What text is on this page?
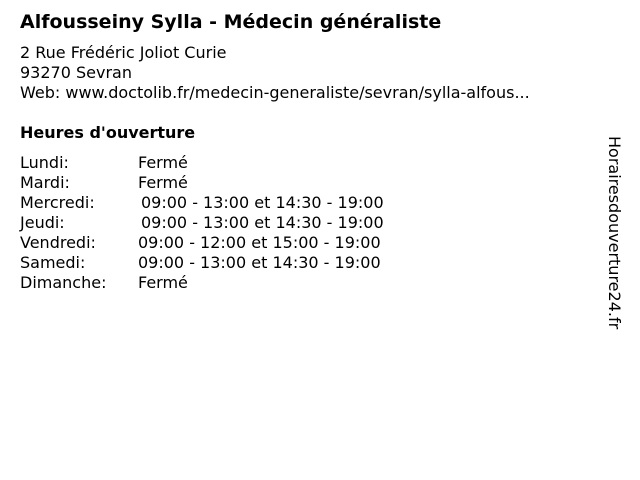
Alfousseiny Sylla - Médecin généraliste
2 Rue Frédéric Joliot Curie
93270 Sevran
Web: www.doctolib.fr/medecin-generaliste/sevran/sylla-alfous...
Heures d'ouverture
Lundi:	Fermé
Mardi:	Fermé
Mercredi:	09:00 - 13:00 et 14:30 - 19:00
Jeudi:	09:00 - 13:00 et 14:30 - 19:00
Vendredi:	09:00 - 12:00 et 15:00 - 19:00
Samedi:	09:00 - 13:00 et 14:30 - 19:00
Dimanche: Fermé	Horairesdouverture24.fr
